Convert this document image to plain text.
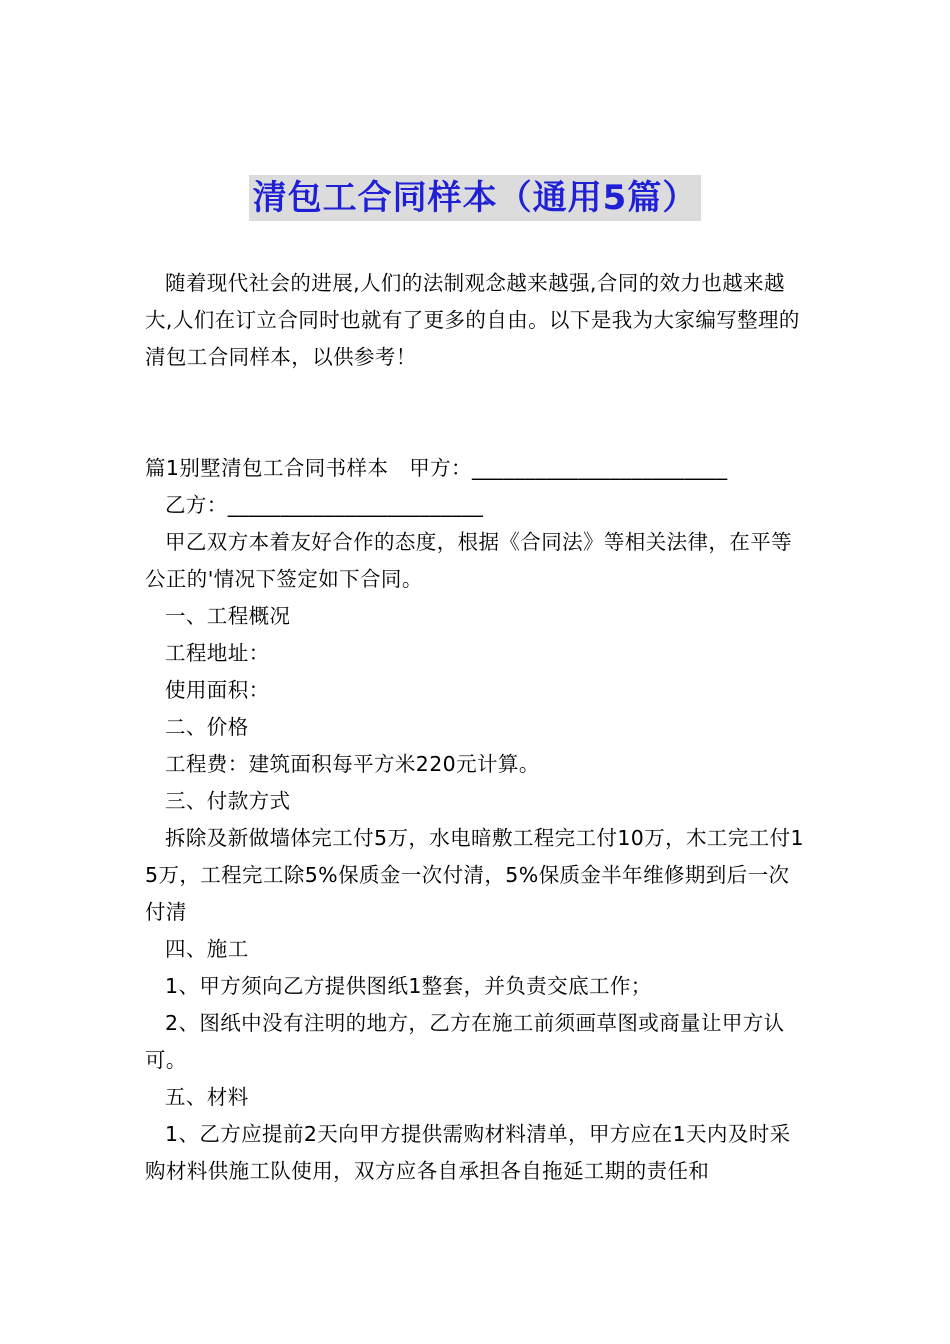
清包工合同样本（通用5篇）

随着现代社会的进展,人们的法制观念越来越强,合同的效力也越来越大,人们在订立合同时也就有了更多的自由。以下是我为大家编写整理的清包工合同样本，以供参考！

篇1别墅清包工合同书样本　甲方：________________________

乙方：________________________

甲乙双方本着友好合作的态度，根据《合同法》等相关法律，在平等公正的'情况下签定如下合同。

一、工程概况

工程地址：

使用面积：

二、价格

工程费：建筑面积每平方米220元计算。

三、付款方式

拆除及新做墙体完工付5万，水电暗敷工程完工付10万，木工完工付15万，工程完工除5%保质金一次付清，5%保质金半年维修期到后一次付清

四、施工

1、甲方须向乙方提供图纸1整套，并负责交底工作；

2、图纸中没有注明的地方，乙方在施工前须画草图或商量让甲方认可。

五、材料

1、乙方应提前2天向甲方提供需购材料清单，甲方应在1天内及时采购材料供施工队使用，双方应各自承担各自拖延工期的责任和
